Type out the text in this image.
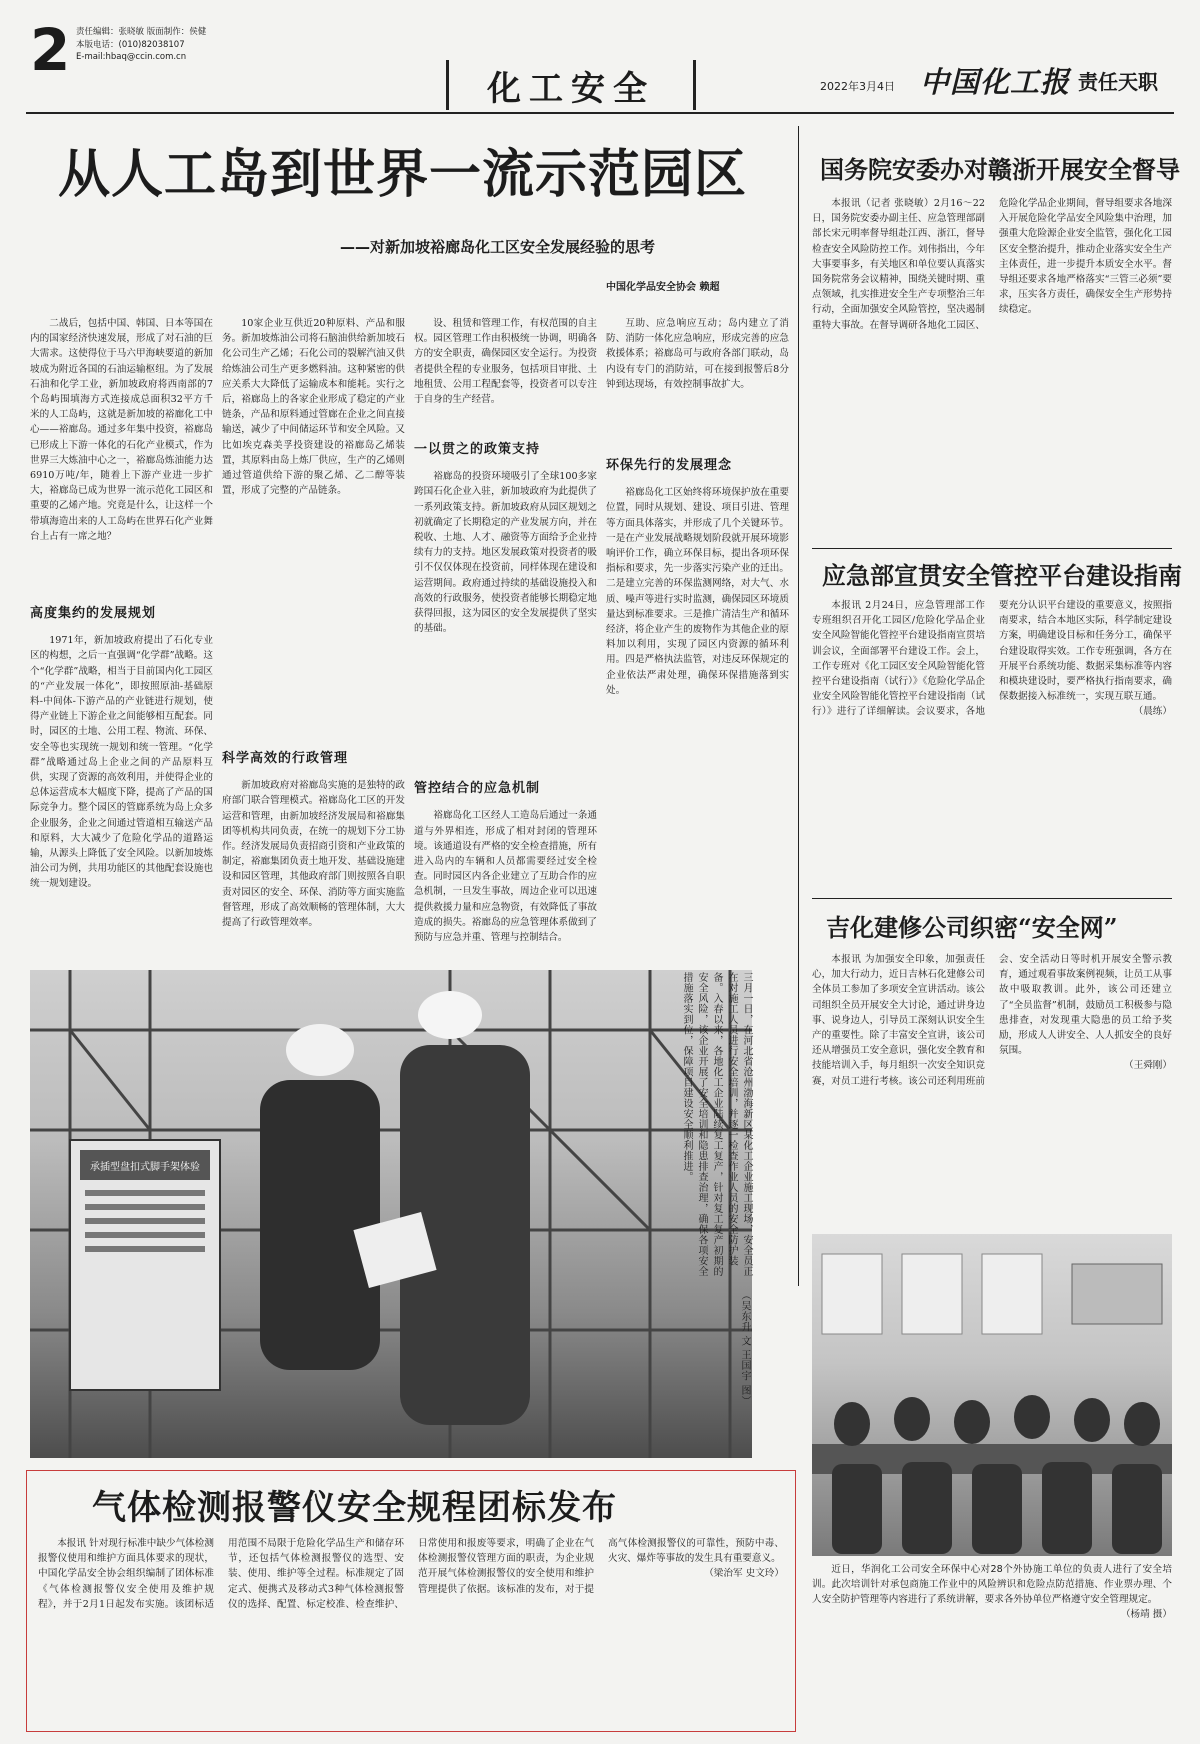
2 责任编辑：张晓敏 版面制作：侯健
本版电话：(010)82038107
E-mail:hbaq@ccin.com.cn
化工安全	2022年3月4日 中国化工报 责任天职
从人工岛到世界一流示范园区
——对新加坡裕廊岛化工区安全发展经验的思考
中国化学品安全协会 赖超

二战后，包括中国、韩国、日本等国在内的国家经济快速发展，形成了对石油的巨大需求。这使得位于马六甲海峡要道的新加坡成为附近各国的石油运输枢纽。为了发展石油和化学工业，新加坡政府将西南部的7个岛屿围填海方式连接成总面积32平方千米的人工岛屿，这就是新加坡的裕廊化工中心——裕廊岛。通过多年集中投资，裕廊岛已形成上下游一体化的石化产业模式，作为世界三大炼油中心之一，裕廊岛炼油能力达6910万吨/年，随着上下游产业进一步扩大，裕廊岛已成为世界一流示范化工园区和重要的乙烯产地。究竟是什么，让这样一个带填海造出来的人工岛屿在世界石化产业舞台上占有一席之地？

高度集约的发展规划

1971年，新加坡政府提出了石化专业区的构想，之后一直强调“化学群”战略。这个“化学群”战略，相当于目前国内化工园区的“产业发展一体化”，即按照原油-基础原料-中间体-下游产品的产业链进行规划，使得产业链上下游企业之间能够相互配套。同时，园区的土地、公用工程、物流、环保、安全等也实现统一规划和统一管理。“化学群”战略通过岛上企业之间的产品原料互供，实现了资源的高效利用，并使得企业的总体运营成本大幅度下降，提高了产品的国际竞争力。整个园区的管廊系统为岛上众多企业服务，企业之间通过管道相互输送产品和原料，大大减少了危险化学品的道路运输，从源头上降低了安全风险。以新加坡炼油公司为例，共用功能区的其他配套设施也统一规划建设。

10家企业互供近20种原料、产品和服务。新加坡炼油公司将石脑油供给新加坡石化公司生产乙烯；石化公司的裂解汽油又供给炼油公司生产更多燃料油。这种紧密的供应关系大大降低了运输成本和能耗。实行之后，裕廊岛上的各家企业形成了稳定的产业链条，产品和原料通过管廊在企业之间直接输送，减少了中间储运环节和安全风险。又比如埃克森美孚投资建设的裕廊岛乙烯装置，其原料由岛上炼厂供应，生产的乙烯则通过管道供给下游的聚乙烯、乙二醇等装置，形成了完整的产品链条。

科学高效的行政管理

新加坡政府对裕廊岛实施的是独特的政府部门联合管理模式。裕廊岛化工区的开发运营和管理，由新加坡经济发展局和裕廊集团等机构共同负责，在统一的规划下分工协作。经济发展局负责招商引资和产业政策的制定，裕廊集团负责土地开发、基础设施建设和园区管理，其他政府部门则按照各自职责对园区的安全、环保、消防等方面实施监督管理，形成了高效顺畅的管理体制，大大提高了行政管理效率。

设、租赁和管理工作，有权范围的自主权。园区管理工作由积极统一协调，明确各方的安全职责，确保园区安全运行。为投资者提供全程的专业服务，包括项目审批、土地租赁、公用工程配套等，投资者可以专注于自身的生产经营。

一以贯之的政策支持

裕廊岛的投资环境吸引了全球100多家跨国石化企业入驻，新加坡政府为此提供了一系列政策支持。新加坡政府从园区规划之初就确定了长期稳定的产业发展方向，并在税收、土地、人才、融资等方面给予企业持续有力的支持。地区发展政策对投资者的吸引不仅仅体现在投资前，同样体现在建设和运营期间。政府通过持续的基础设施投入和高效的行政服务，使投资者能够长期稳定地获得回报，这为园区的安全发展提供了坚实的基础。

管控结合的应急机制

裕廊岛化工区经人工造岛后通过一条通道与外界相连，形成了相对封闭的管理环境。该通道设有严格的安全检查措施，所有进入岛内的车辆和人员都需要经过安全检查。同时园区内各企业建立了互助合作的应急机制，一旦发生事故，周边企业可以迅速提供救援力量和应急物资，有效降低了事故造成的损失。裕廊岛的应急管理体系做到了预防与应急并重、管理与控制结合。

互助、应急响应互动；岛内建立了消防、消防一体化应急响应，形成完善的应急救援体系；裕廊岛可与政府各部门联动，岛内设有专门的消防站，可在接到报警后8分钟到达现场，有效控制事故扩大。

环保先行的发展理念

裕廊岛化工区始终将环境保护放在重要位置，同时从规划、建设、项目引进、管理等方面具体落实，并形成了几个关键环节。一是在产业发展战略规划阶段就开展环境影响评价工作，确立环保目标，提出各项环保指标和要求，先一步落实污染产业的迁出。二是建立完善的环保监测网络，对大气、水质、噪声等进行实时监测，确保园区环境质量达到标准要求。三是推广清洁生产和循环经济，将企业产生的废物作为其他企业的原料加以利用，实现了园区内资源的循环利用。四是严格执法监管，对违反环保规定的企业依法严肃处理，确保环保措施落到实处。

承插型盘扣式脚手架体验	三月一日，在河北省沧州渤海新区某化工企业施工现场，安全员正在对施工人员进行安全培训，并逐一检查作业人员的安全防护装备。入春以来，各地化工企业陆续复工复产，针对复工复产初期的安全风险，该企业开展了安全培训和隐患排查治理，确保各项安全措施落实到位，保障项目建设安全顺利推进。
（吴东升 文 王国宇 图）
国务院安委办对赣浙开展安全督导

本报讯（记者 张晓敏）2月16～22日，国务院安委办副主任、应急管理部副部长宋元明率督导组赴江西、浙江，督导检查安全风险防控工作。刘伟指出，今年大事要事多，有关地区和单位要认真落实国务院常务会议精神，围绕关键时期、重点领域，扎实推进安全生产专项整治三年行动，全面加强安全风险管控，坚决遏制重特大事故。在督导调研各地化工园区、危险化学品企业期间，督导组要求各地深入开展危险化学品安全风险集中治理，加强重大危险源企业安全监管，强化化工园区安全整治提升，推动企业落实安全生产主体责任，进一步提升本质安全水平。督导组还要求各地严格落实“三管三必须”要求，压实各方责任，确保安全生产形势持续稳定。

应急部宣贯安全管控平台建设指南

本报讯 2月24日，应急管理部工作专班组织召开化工园区/危险化学品企业安全风险智能化管控平台建设指南宣贯培训会议，全面部署平台建设工作。会上，工作专班对《化工园区安全风险智能化管控平台建设指南（试行）》《危险化学品企业安全风险智能化管控平台建设指南（试行）》进行了详细解读。会议要求，各地要充分认识平台建设的重要意义，按照指南要求，结合本地区实际，科学制定建设方案，明确建设目标和任务分工，确保平台建设取得实效。工作专班强调，各方在开展平台系统功能、数据采集标准等内容和模块建设时，要严格执行指南要求，确保数据接入标准统一，实现互联互通。

（晨练）
吉化建修公司织密“安全网”

本报讯 为加强安全印象，加强责任心，加大行动力，近日吉林石化建修公司全体员工参加了多项安全宣讲活动。该公司组织全员开展安全大讨论，通过讲身边事、说身边人，引导员工深刻认识安全生产的重要性。除了丰富安全宣讲，该公司还从增强员工安全意识，强化安全教育和技能培训入手，每月组织一次安全知识竞赛，对员工进行考核。该公司还利用班前会、安全活动日等时机开展安全警示教育，通过观看事故案例视频，让员工从事故中吸取教训。此外，该公司还建立了“全员监督”机制，鼓励员工积极参与隐患排查，对发现重大隐患的员工给予奖励，形成人人讲安全、人人抓安全的良好氛围。

（王舜刚）

近日，华润化工公司安全环保中心对28个外协施工单位的负责人进行了安全培训。此次培训针对承包商施工作业中的风险辨识和危险点防范措施、作业票办理、个人安全防护管理等内容进行了系统讲解，要求各外协单位严格遵守安全管理规定。

（杨靖 摄）
气体检测报警仪安全规程团标发布

本报讯 针对现行标准中缺少气体检测报警仪使用和维护方面具体要求的现状，中国化学品安全协会组织编制了团体标准《气体检测报警仪安全使用及维护规程》，并于2月1日起发布实施。该团标适用范围不局限于危险化学品生产和储存环节，还包括气体检测报警仪的选型、安装、使用、维护等全过程。标准规定了固定式、便携式及移动式3种气体检测报警仪的选择、配置、标定校准、检查维护、日常使用和报废等要求，明确了企业在气体检测报警仪管理方面的职责，为企业规范开展气体检测报警仪的安全使用和维护管理提供了依据。该标准的发布，对于提高气体检测报警仪的可靠性，预防中毒、火灾、爆炸等事故的发生具有重要意义。

（梁治军 史文玲）
